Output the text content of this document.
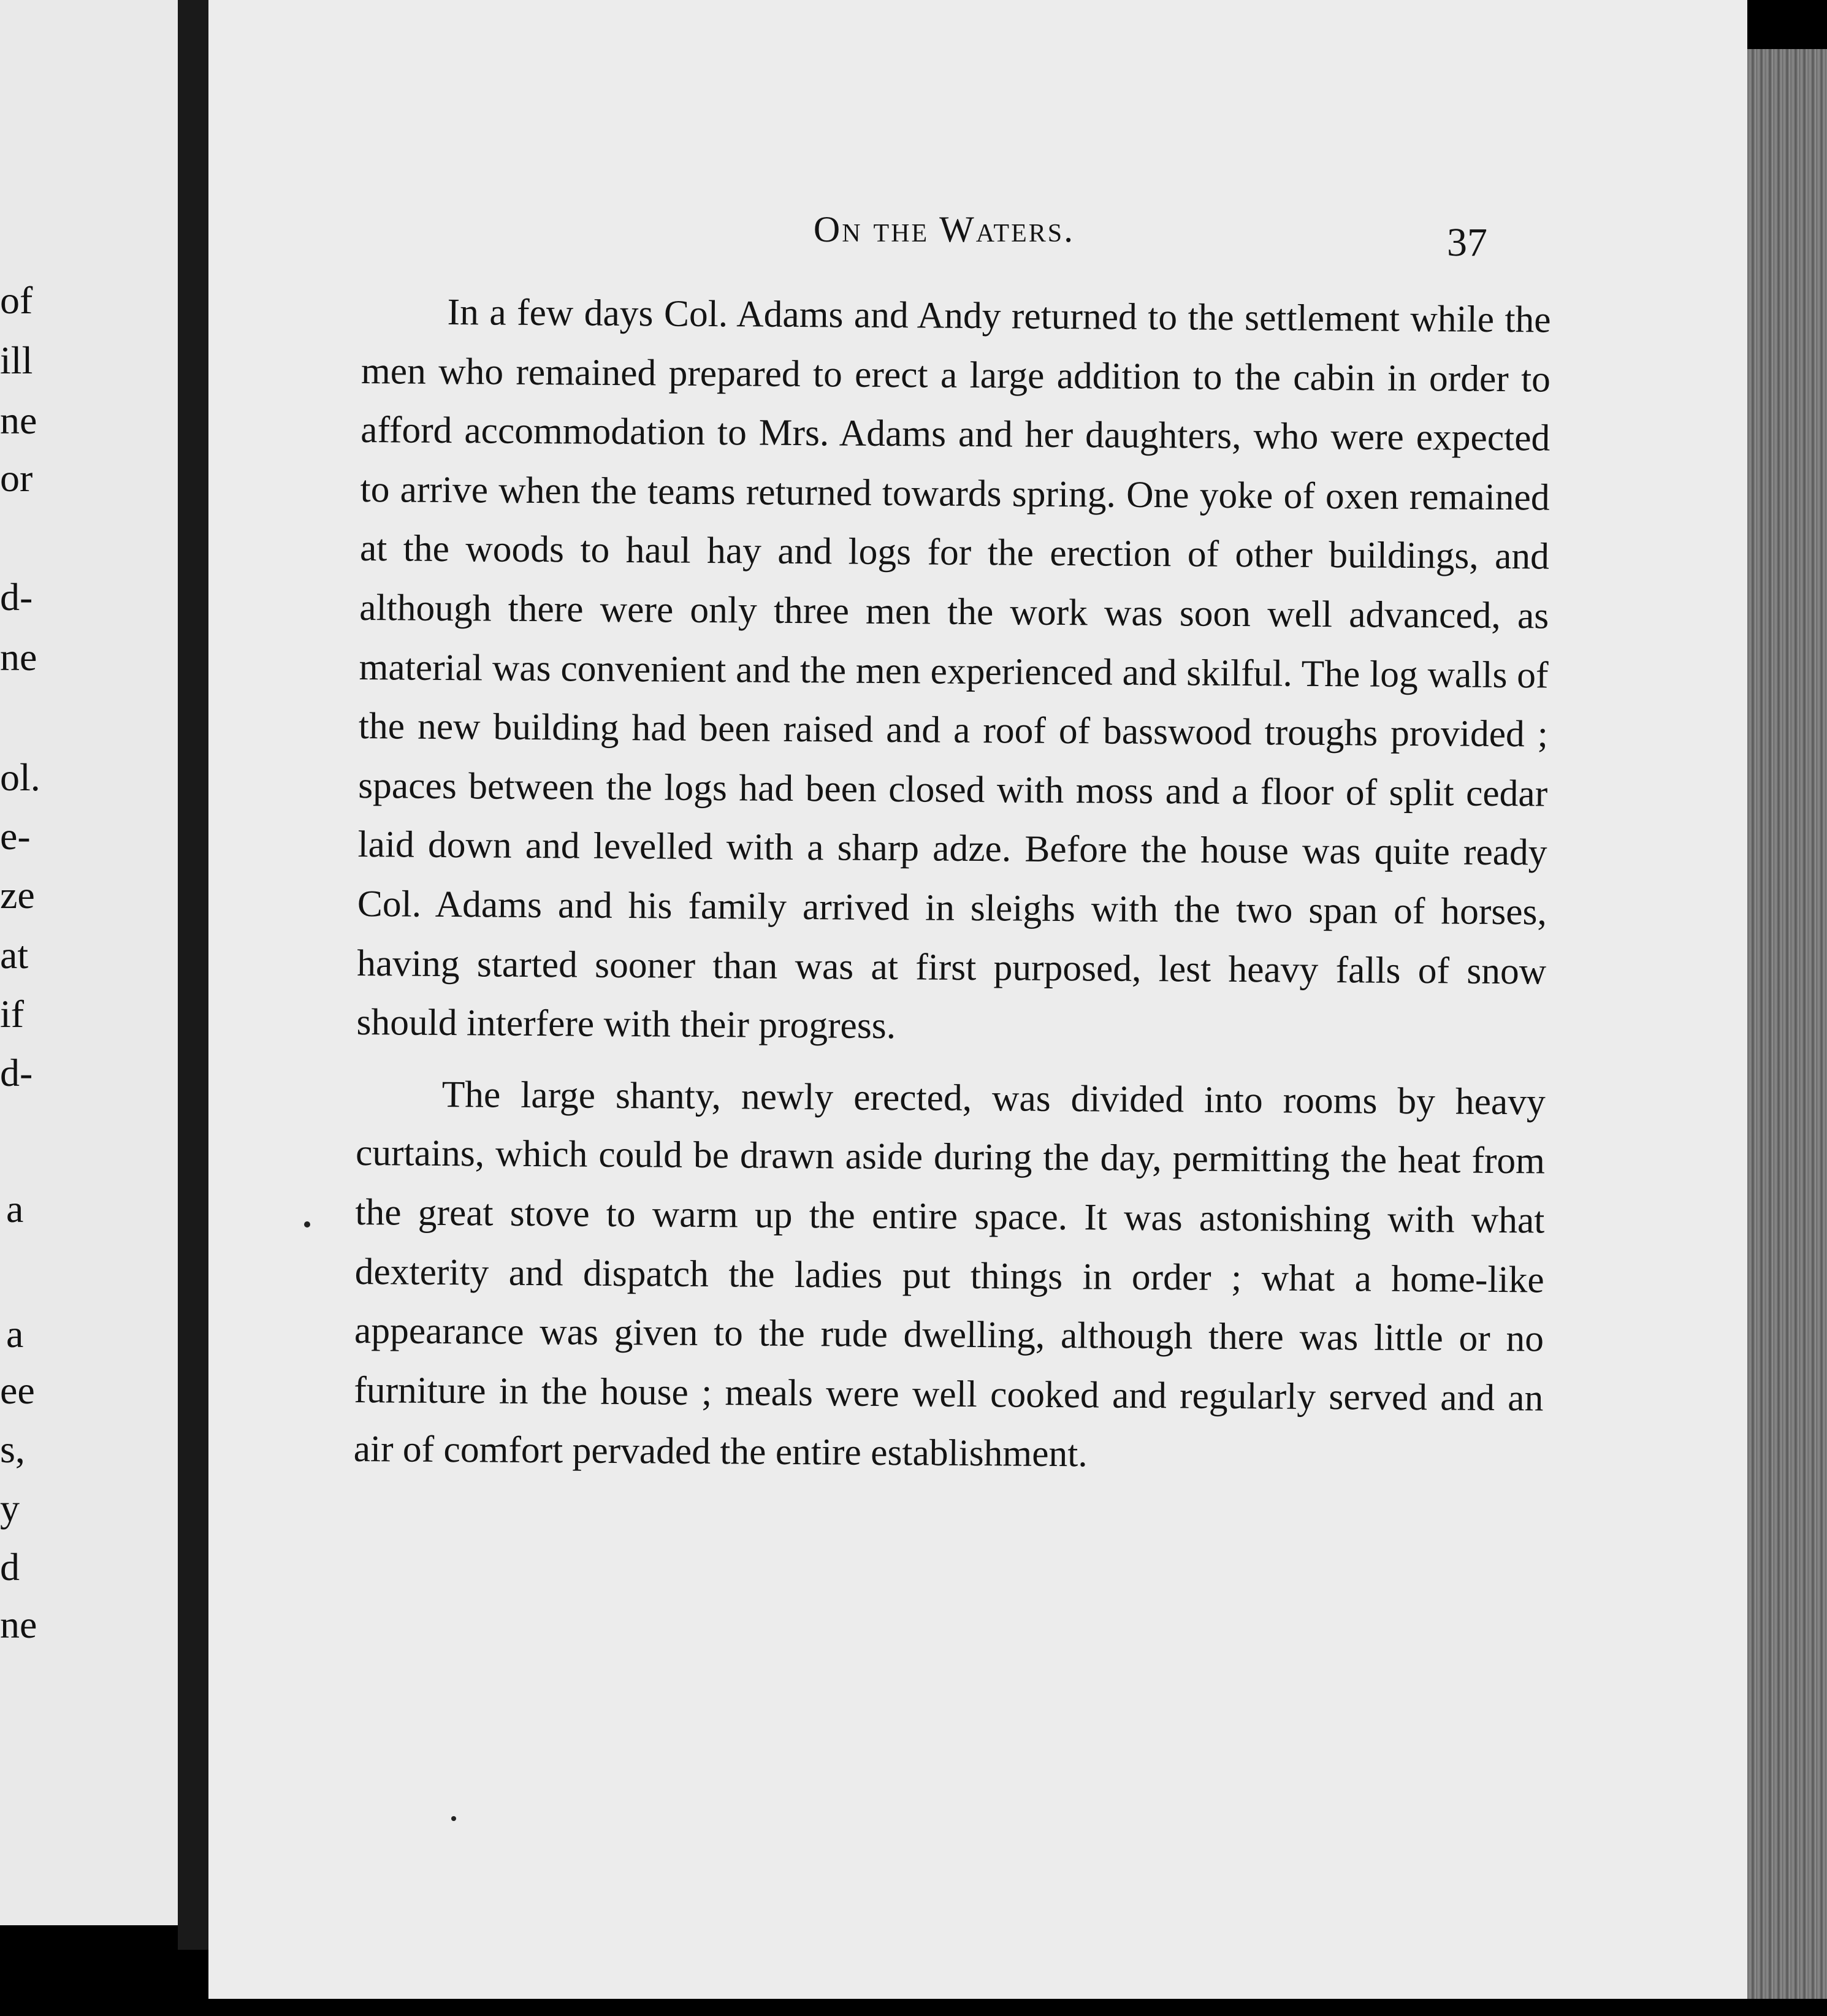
of
ill
ne
or
d-
ne
ol.
e-
ze
at
if
d-
a
a
ee
s,
y
d
ne
On the Waters.	37

In a few days Col. Adams and Andy returned to the settlement while the men who remained prepared to erect a large addition to the cabin in order to afford accommodation to Mrs. Adams and her daughters, who were expected to arrive when the teams returned towards spring. One yoke of oxen remained at the woods to haul hay and logs for the erection of other buildings, and although there were only three men the work was soon well advanced, as material was convenient and the men experienced and skilful. The log walls of the new building had been raised and a roof of basswood troughs provided ; spaces between the logs had been closed with moss and a floor of split cedar laid down and levelled with a sharp adze. Before the house was quite ready Col. Adams and his family arrived in sleighs with the two span of horses, having started sooner than was at first purposed, lest heavy falls of snow should interfere with their progress.

The large shanty, newly erected, was divided into rooms by heavy curtains, which could be drawn aside during the day, permitting the heat from the great stove to warm up the entire space. It was astonishing with what dexterity and dispatch the ladies put things in order ; what a home-like appearance was given to the rude dwelling, although there was little or no furniture in the house ; meals were well cooked and regularly served and an air of comfort pervaded the entire establishment.
